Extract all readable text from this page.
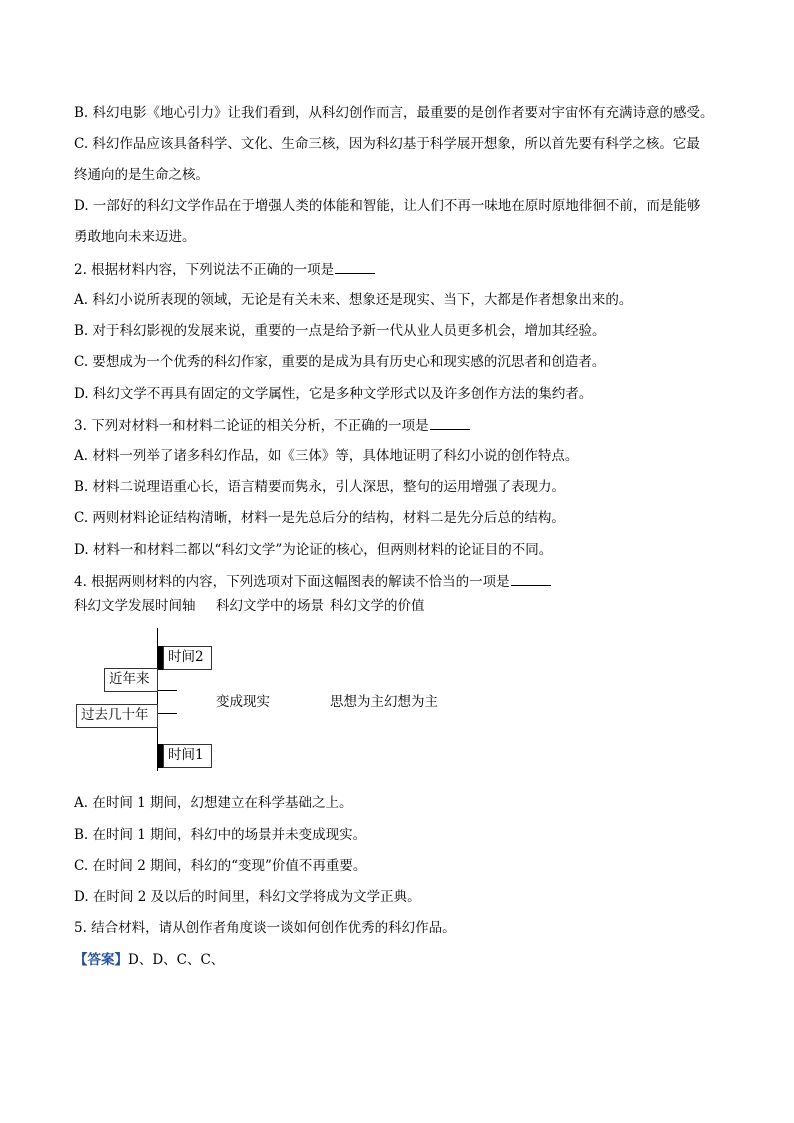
B. 科幻电影《地心引力》让我们看到，从科幻创作而言，最重要的是创作者要对宇宙怀有充满诗意的感受。
C. 科幻作品应该具备科学、文化、生命三核，因为科幻基于科学展开想象，所以首先要有科学之核。它最
终通向的是生命之核。
D. 一部好的科幻文学作品在于增强人类的体能和智能，让人们不再一味地在原时原地徘徊不前，而是能够
勇敢地向未来迈进。
2. 根据材料内容，下列说法不正确的一项是
A. 科幻小说所表现的领域，无论是有关未来、想象还是现实、当下，大都是作者想象出来的。
B. 对于科幻影视的发展来说，重要的一点是给予新一代从业人员更多机会，增加其经验。
C. 要想成为一个优秀的科幻作家，重要的是成为具有历史心和现实感的沉思者和创造者。
D. 科幻文学不再具有固定的文学属性，它是多种文学形式以及许多创作方法的集约者。
3. 下列对材料一和材料二论证的相关分析，不正确的一项是
A. 材料一列举了诸多科幻作品，如《三体》等，具体地证明了科幻小说的创作特点。
B. 材料二说理语重心长，语言精要而隽永，引人深思，整句的运用增强了表现力。
C. 两则材料论证结构清晰，材料一是先总后分的结构，材料二是先分后总的结构。
D. 材料一和材料二都以“科幻文学”为论证的核心，但两则材料的论证目的不同。
4. 根据两则材料的内容，下列选项对下面这幅图表的解读不恰当的一项是
科幻文学发展时间轴 科幻文学中的场景 科幻文学的价值
时间2
近年来
过去几十年
时间1
变成现实	思想为主幻想为主
A. 在时间 1 期间，幻想建立在科学基础之上。
B. 在时间 1 期间，科幻中的场景并未变成现实。
C. 在时间 2 期间，科幻的“变现”价值不再重要。
D. 在时间 2 及以后的时间里，科幻文学将成为文学正典。
5. 结合材料，请从创作者角度谈一谈如何创作优秀的科幻作品。
【答案】D、D、C、C、
